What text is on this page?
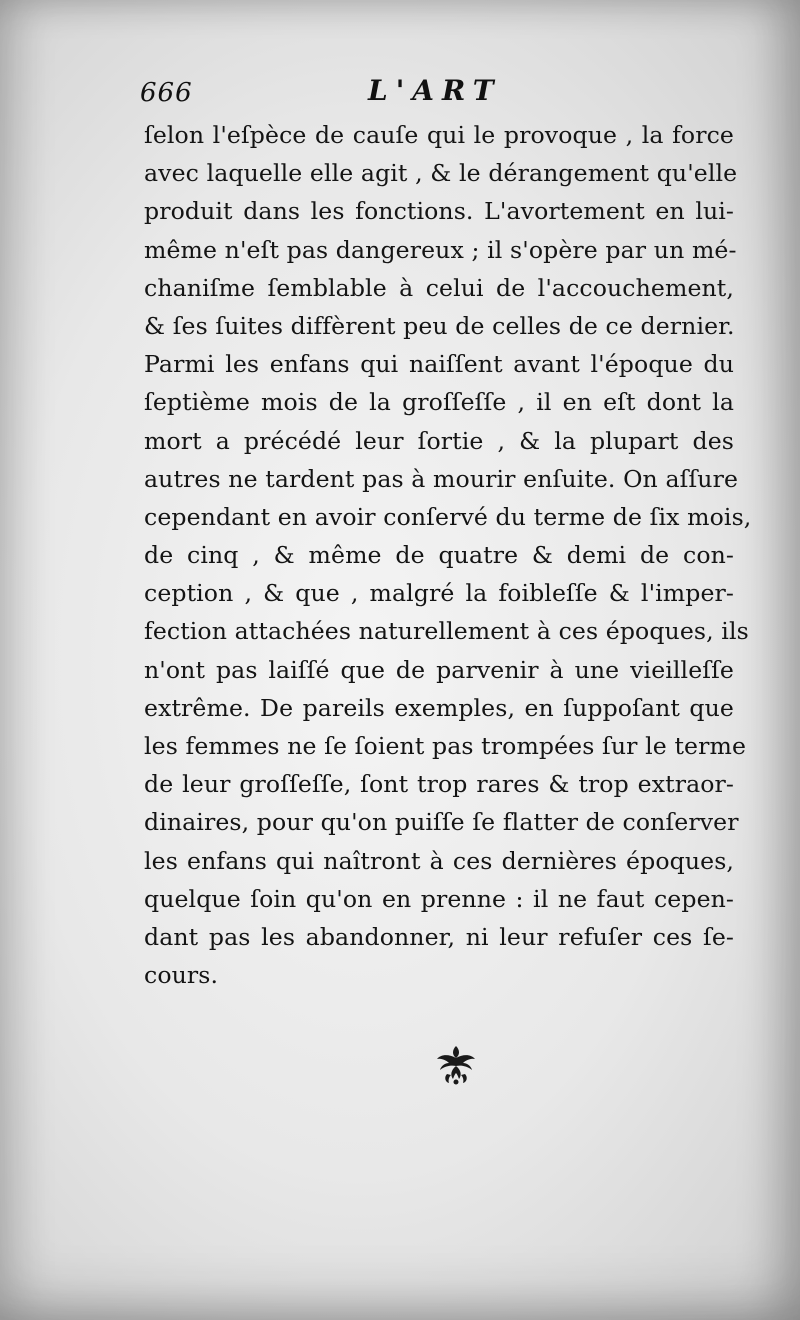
666	L'ART
ſelon l'eſpèce de cauſe qui le provoque , la force
avec laquelle elle agit , & le dérangement qu'elle
produit dans les fonctions. L'avortement en lui-
même n'eſt pas dangereux ; il s'opère par un mé-
chaniſme ſemblable à celui de l'accouchement,
& ſes ſuites diffèrent peu de celles de ce dernier.
Parmi les enfans qui naiſſent avant l'époque du
ſeptième mois de la groſſeſſe , il en eſt dont la
mort a précédé leur ſortie , & la plupart des
autres ne tardent pas à mourir enſuite. On aſſure
cependant en avoir conſervé du terme de ſix mois,
de cinq , & même de quatre & demi de con-
ception , & que , malgré la foibleſſe & l'imper-
fection attachées naturellement à ces époques, ils
n'ont pas laiſſé que de parvenir à une vieilleſſe
extrême. De pareils exemples, en ſuppoſant que
les femmes ne ſe ſoient pas trompées ſur le terme
de leur groſſeſſe, ſont trop rares & trop extraor-
dinaires, pour qu'on puiſſe ſe flatter de conſerver
les enfans qui naîtront à ces dernières époques,
quelque ſoin qu'on en prenne : il ne faut cepen-
dant pas les abandonner, ni leur refuſer ces ſe-
cours.
